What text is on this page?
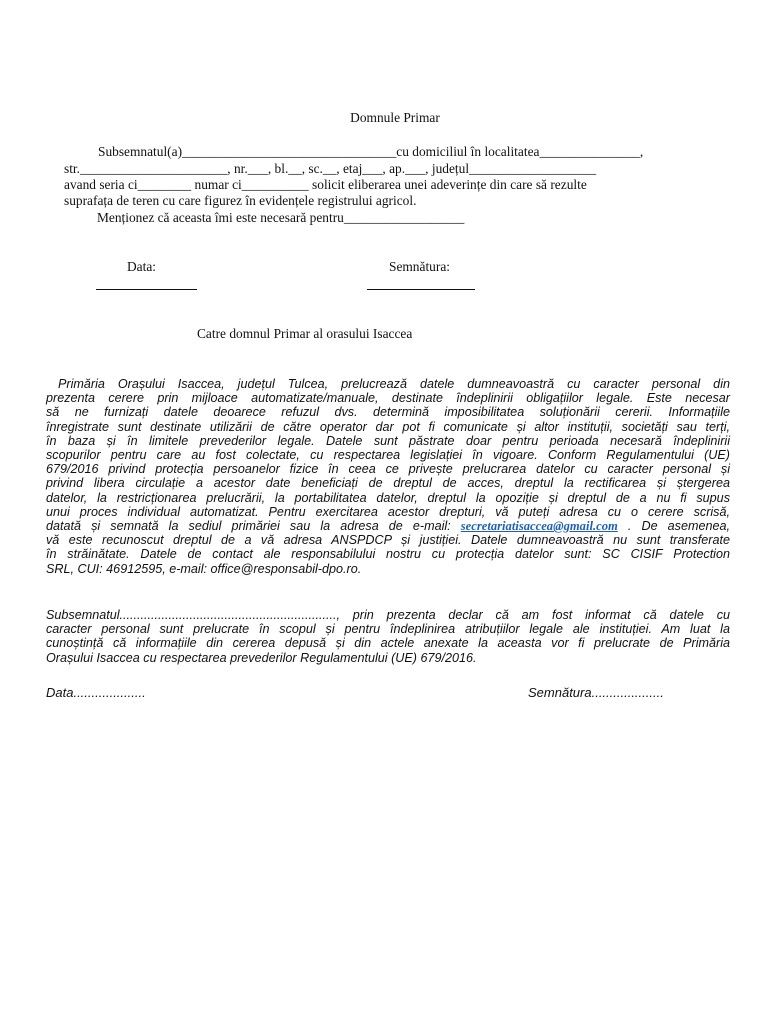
Domnule Primar
Subsemnatul(a)________________________________cu domiciliul în localitatea_______________,
str.______________________, nr.___, bl.__, sc.__, etaj___, ap.___, județul___________________
avand seria ci________ numar ci__________ solicit eliberarea unei adeverințe din care să rezulte
suprafața de teren cu care figurez în evidențele registrului agricol.
Menționez că aceasta îmi este necesară pentru__________________
Data:	Semnătura:
Catre domnul Primar al orasului Isaccea
Primăria Orașului Isaccea, județul Tulcea, prelucrează datele dumneavoastră cu caracter personal din
prezenta cerere prin mijloace automatizate/manuale, destinate îndeplinirii obligațiilor legale. Este necesar
să ne furnizați datele deoarece refuzul dvs. determină imposibilitatea soluționării cererii. Informațiile
înregistrate sunt destinate utilizării de către operator dar pot fi comunicate și altor instituții, societăți sau terți,
în baza și în limitele prevederilor legale. Datele sunt păstrate doar pentru perioada necesară îndeplinirii
scopurilor pentru care au fost colectate, cu respectarea legislației în vigoare. Conform Regulamentului (UE)
679/2016 privind protecția persoanelor fizice în ceea ce privește prelucrarea datelor cu caracter personal și
privind libera circulație a acestor date beneficiați de dreptul de acces, dreptul la rectificarea și ștergerea
datelor, la restricționarea prelucrării, la portabilitatea datelor, dreptul la opoziție și dreptul de a nu fi supus
unui proces individual automatizat. Pentru exercitarea acestor drepturi, vă puteți adresa cu o cerere scrisă,
datată și semnată la sediul primăriei sau la adresa de e-mail: secretariatisaccea@gmail.com . De asemenea,
vă este recunoscut dreptul de a vă adresa ANSPDCP și justiției. Datele dumneavoastră nu sunt transferate
în străinătate. Datele de contact ale responsabilului nostru cu protecția datelor sunt: SC CISIF Protection
SRL, CUI: 46912595, e-mail: office@responsabil-dpo.ro.
Subsemnatul.............................................................., prin prezenta declar că am fost informat că datele cu
caracter personal sunt prelucrate în scopul și pentru îndeplinirea atribuțiilor legale ale instituției. Am luat la
cunoștință că informațiile din cererea depusă și din actele anexate la aceasta vor fi prelucrate de Primăria
Orașului Isaccea cu respectarea prevederilor Regulamentului (UE) 679/2016.
Data....................	Semnătura....................
